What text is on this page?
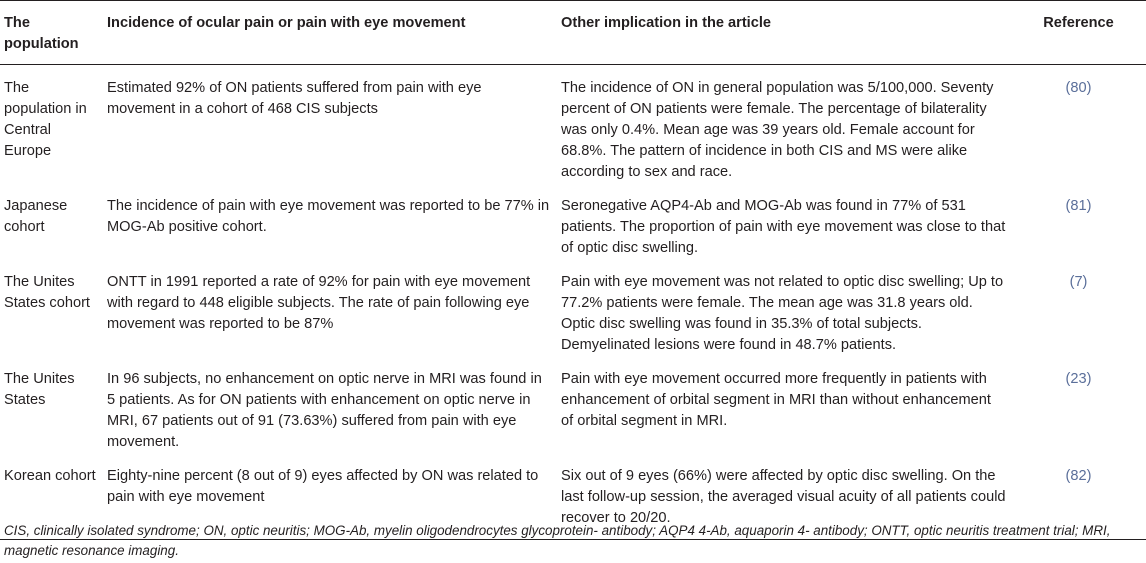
The population	Incidence of ocular pain or pain with eye movement	Other implication in the article	Reference
The population in Central Europe	Estimated 92% of ON patients suffered from pain with eye movement in a cohort of 468 CIS subjects	The incidence of ON in general population was 5/100,000. Seventy percent of ON patients were female. The percentage of bilaterality was only 0.4%. Mean age was 39 years old. Female account for 68.8%. The pattern of incidence in both CIS and MS were alike according to sex and race.	(80)
Japanese cohort	The incidence of pain with eye movement was reported to be 77% in MOG-Ab positive cohort.	Seronegative AQP4-Ab and MOG-Ab was found in 77% of 531 patients. The proportion of pain with eye movement was close to that of optic disc swelling.	(81)
The Unites States cohort	ONTT in 1991 reported a rate of 92% for pain with eye movement with regard to 448 eligible subjects. The rate of pain following eye movement was reported to be 87%	Pain with eye movement was not related to optic disc swelling; Up to 77.2% patients were female. The mean age was 31.8 years old. Optic disc swelling was found in 35.3% of total subjects. Demyelinated lesions were found in 48.7% patients.	(7)
The Unites States	In 96 subjects, no enhancement on optic nerve in MRI was found in 5 patients. As for ON patients with enhancement on optic nerve in MRI, 67 patients out of 91 (73.63%) suffered from pain with eye movement.	Pain with eye movement occurred more frequently in patients with enhancement of orbital segment in MRI than without enhancement of orbital segment in MRI.	(23)
Korean cohort	Eighty-nine percent (8 out of 9) eyes affected by ON was related to pain with eye movement	Six out of 9 eyes (66%) were affected by optic disc swelling. On the last follow-up session, the averaged visual acuity of all patients could recover to 20/20.	(82)
CIS, clinically isolated syndrome; ON, optic neuritis; MOG-Ab, myelin oligodendrocytes glycoprotein- antibody; AQP4 4-Ab, aquaporin 4- antibody; ONTT, optic neuritis treatment trial; MRI, magnetic resonance imaging.
